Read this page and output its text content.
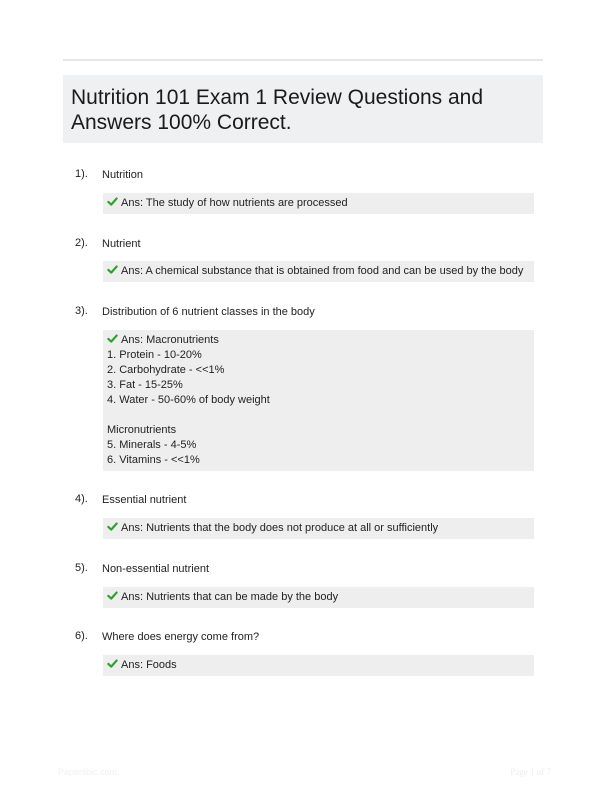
Nutrition 101 Exam 1 Review Questions and Answers 100% Correct.
1). Nutrition
Ans: The study of how nutrients are processed
2). Nutrient
Ans: A chemical substance that is obtained from food and can be used by the body
3). Distribution of 6 nutrient classes in the body
Ans: Macronutrients
1. Protein - 10-20%
2. Carbohydrate - <<1%
3. Fat - 15-25%
4. Water - 50-60% of body weight
Micronutrients
5. Minerals - 4-5%
6. Vitamins - <<1%
4). Essential nutrient
Ans: Nutrients that the body does not produce at all or sufficiently
5). Non-essential nutrient
Ans: Nutrients that can be made by the body
6). Where does energy come from?
Ans: Foods
Paperlibic.com	Page 1 of 7
